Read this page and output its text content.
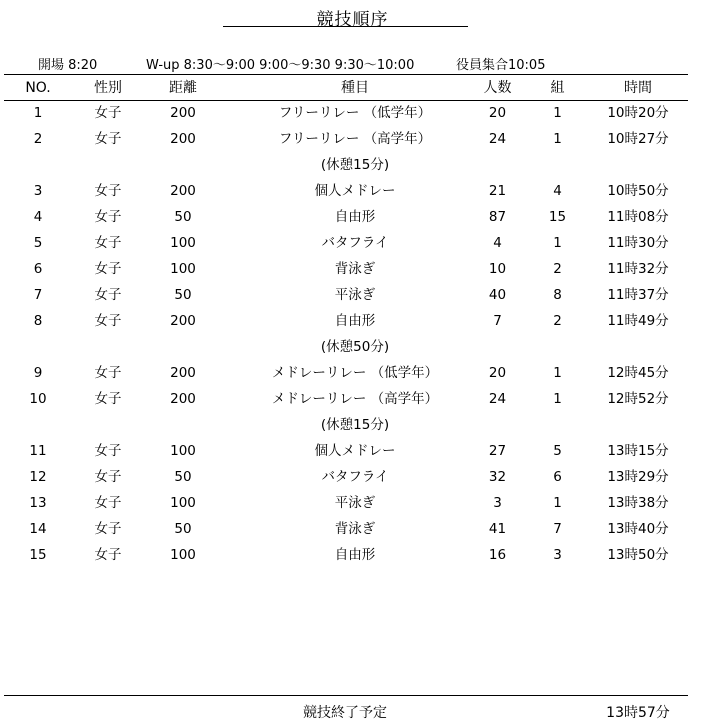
競技順序
開場 8:20	W-up 8:30～9:00 9:00～9:30 9:30～10:00	役員集合10:05
NO.	性別	距離	種目	人数	組	時間
1	女子	200	フリーリレー （低学年）	20	1	10時20分
2	女子	200	フリーリレー （高学年）	24	1	10時27分
(休憩15分)
3	女子	200	個人メドレー	21	4	10時50分
4	女子	50	自由形	87	15	11時08分
5	女子	100	バタフライ	4	1	11時30分
6	女子	100	背泳ぎ	10	2	11時32分
7	女子	50	平泳ぎ	40	8	11時37分
8	女子	200	自由形	7	2	11時49分
(休憩50分)
9	女子	200	メドレーリレー （低学年）	20	1	12時45分
10	女子	200	メドレーリレー （高学年）	24	1	12時52分
(休憩15分)
11	女子	100	個人メドレー	27	5	13時15分
12	女子	50	バタフライ	32	6	13時29分
13	女子	100	平泳ぎ	3	1	13時38分
14	女子	50	背泳ぎ	41	7	13時40分
15	女子	100	自由形	16	3	13時50分
競技終了予定	13時57分
